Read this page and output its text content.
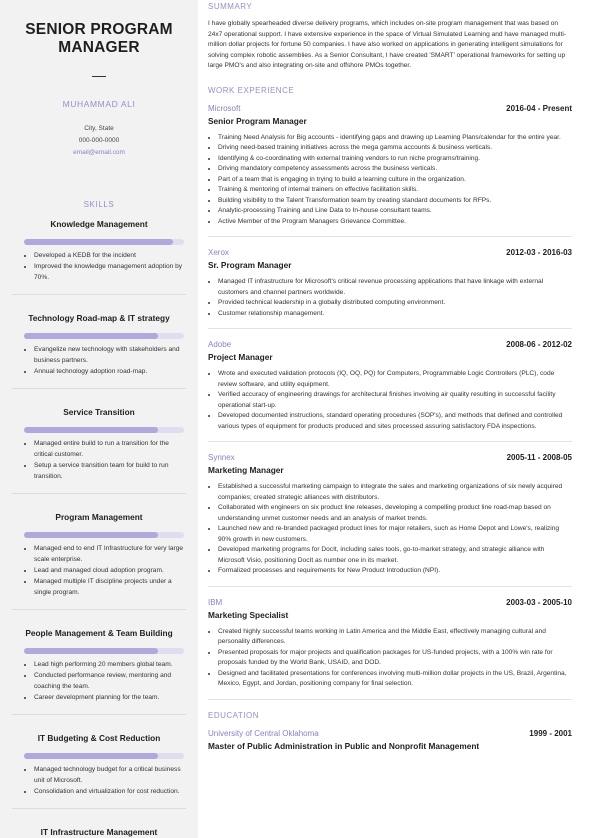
SENIOR PROGRAM MANAGER
MUHAMMAD ALI
City, State
000-000-0000
email@email.com
SKILLS
Knowledge Management
• Developed a KEDB for the incident
• Improved the knowledge management adoption by 70%.
Technology Road-map & IT strategy
• Evangelize new technology with stakeholders and business partners.
• Annual technology adoption road-map.
Service Transition
• Managed entire build to run a transition for the critical customer.
• Setup a service transition team for build to run transition.
Program Management
• Managed end to end IT Infrastructure for very large scale enterprise.
• Lead and managed cloud adoption program.
• Managed multiple IT discipline projects under a single program.
People Management & Team Building
• Lead high performing 20 members global team.
• Conducted performance review, mentoring and coaching the team.
• Career development planning for the team.
IT Budgeting & Cost Reduction
• Managed technology budget for a critical business unit of Microsoft.
• Consolidation and virtualization for cost reduction.
IT Infrastructure Management
SUMMARY
I have globally spearheaded diverse delivery programs, which includes on-site program management that was based on 24x7 operational support. I have extensive experience in the space of Virtual Simulated Learning and have managed multi-million dollar projects for fortune 50 companies. I have also worked on applications in generating intelligent simulations for solving complex robotic assemblies. As a Senior Consultant, I have created 'SMART' operational frameworks for setting up large PMO's and also integrating on-site and offshore PMOs together.
WORK EXPERIENCE
Microsoft	2016-04 - Present
Senior Program Manager
• Training Need Analysis for Big accounts - identifying gaps and drawing up Learning Plans/calendar for the entire year.
• Driving need-based training initiatives across the mega gamma accounts & business verticals.
• Identifying & co-coordinating with external training vendors to run niche programs/training.
• Driving mandatory competency assessments across the business verticals.
• Part of a team that is engaging in trying to build a learning culture in the organization.
• Training & mentoring of internal trainers on effective facilitation skills.
• Building visibility to the Talent Transformation team by creating standard documents for RFPs.
• Analytic-processing Training and Line Data to In-house consultant teams.
• Active Member of the Program Managers Grievance Committee.
Xerox	2012-03 - 2016-03
Sr. Program Manager
• Managed IT infrastructure for Microsoft's critical revenue processing applications that have linkage with external customers and channel partners worldwide.
• Provided technical leadership in a globally distributed computing environment.
• Customer relationship management.
Adobe	2008-06 - 2012-02
Project Manager
• Wrote and executed validation protocols (IQ, OQ, PQ) for Computers, Programmable Logic Controllers (PLC), code review software, and utility equipment.
• Verified accuracy of engineering drawings for architectural finishes involving air quality resulting in successful facility operational start-up.
• Developed documented instructions, standard operating procedures (SOP's), and methods that defined and controlled various types of equipment for products produced and sites processed assuring satisfactory FDA inspections.
Synnex	2005-11 - 2008-05
Marketing Manager
• Established a successful marketing campaign to integrate the sales and marketing organizations of six newly acquired companies; created strategic alliances with distributors.
• Collaborated with engineers on six product line releases, developing a compelling product line road-map based on understanding unmet customer needs and an analysis of market trends.
• Launched new and re-branded packaged product lines for major retailers, such as Home Depot and Lowe's, realizing 90% growth in new customers.
• Developed marketing programs for DocIt, including sales tools, go-to-market strategy, and strategic alliance with Microsoft Visio, positioning DocIt as number one in its market.
• Formalized processes and requirements for New Product Introduction (NPI).
IBM	2003-03 - 2005-10
Marketing Specialist
• Created highly successful teams working in Latin America and the Middle East, effectively managing cultural and personality differences.
• Presented proposals for major projects and qualification packages for US-funded projects, with a 100% win rate for proposals funded by the World Bank, USAID, and DOD.
• Designed and facilitated presentations for conferences involving multi-million dollar projects in the US, Brazil, Argentina, Mexico, Egypt, and Jordan, positioning company for final selection.
EDUCATION
University of Central Oklahoma	1999 - 2001
Master of Public Administration in Public and Nonprofit Management
